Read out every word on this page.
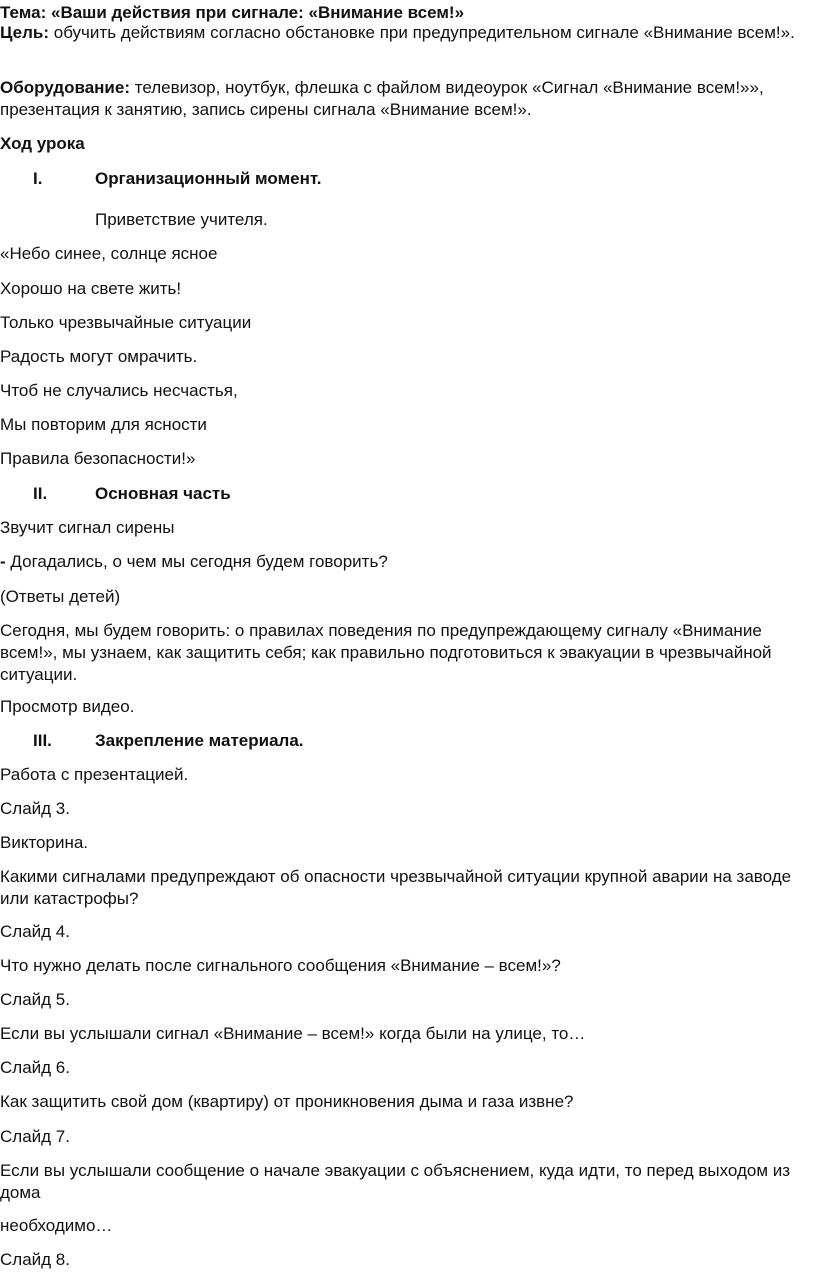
Тема: «Ваши действия при сигнале: «Внимание всем!»
Цель: обучить действиям согласно обстановке при предупредительном сигнале «Внимание всем!».
Оборудование: телевизор, ноутбук, флешка с файлом видеоурок «Сигнал «Внимание всем!»», презентация к занятию, запись сирены сигнала «Внимание всем!».
Ход урока
I.	Организационный момент.
Приветствие учителя.
«Небо синее, солнце ясное
Хорошо на свете жить!
Только чрезвычайные ситуации
Радость могут омрачить.
Чтоб не случались несчастья,
Мы повторим для ясности
Правила безопасности!»
II.	Основная часть
Звучит сигнал сирены
- Догадались, о чем мы сегодня будем говорить?
(Ответы детей)
Сегодня, мы будем говорить: о правилах поведения по предупреждающему сигналу «Внимание всем!», мы узнаем, как защитить себя; как правильно подготовиться к эвакуации в чрезвычайной ситуации.
Просмотр видео.
III.	Закрепление материала.
Работа с презентацией.
Слайд 3.
Викторина.
Какими сигналами предупреждают об опасности чрезвычайной ситуации крупной аварии на заводе или катастрофы?
Слайд 4.
Что нужно делать после сигнального сообщения «Внимание – всем!»?
Слайд 5.
Если вы услышали сигнал «Внимание – всем!» когда были на улице, то…
Слайд 6.
Как защитить свой дом (квартиру) от проникновения дыма и газа извне?
Слайд 7.
Если вы услышали сообщение о начале эвакуации с объяснением, куда идти, то перед выходом из дома
необходимо…
Слайд 8.
